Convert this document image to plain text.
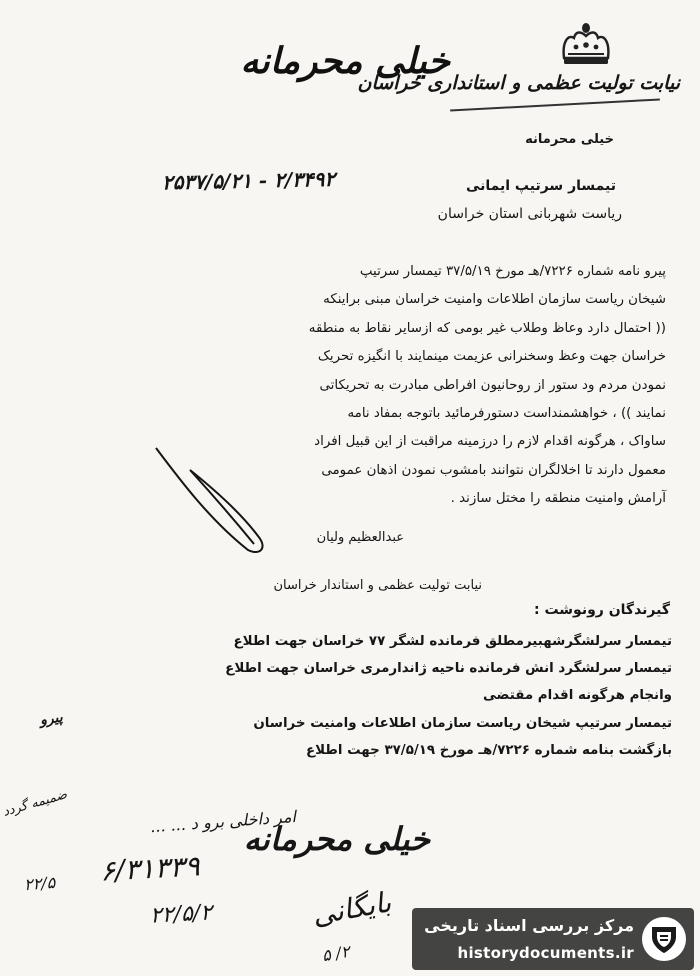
نیابت تولیت عظمی و استانداری خراسان
خیلی محرمانه
خیلی محرمانه
۲۵۳۷/۵/۲۱ - ۲/۳۴۹۲	تیمسار سرتیپ ایمانی
ریاست شهربانی استان خراسان
پیرو نامه شماره ۷۲۲۶/هـ مورخ ۳۷/۵/۱۹ تیمسار سرتیپ
شیخان ریاست سازمان اطلاعات وامنیت خراسان مبنی براینکه
(( احتمال دارد وعاظ وطلاب غیر بومی که ازسایر نقاط به منطقه
خراسان جهت وعظ وسخنرانی عزیمت مینمایند با انگیزه تحریک
نمودن مردم ود ستور از روحانیون افراطی مبادرت به تحریکاتی
نمایند )) ، خواهشمنداست دستورفرمائید باتوجه بمفاد نامه
ساواک ، هرگونه اقدام لازم را درزمینه مراقبت از این قبیل افراد
معمول دارند تا اخلالگران نتوانند بامشوب نمودن اذهان عمومی
آرامش وامنیت منطقه را مختل سازند .
عبدالعظیم ولیان
نیابت تولیت عظمی و استاندار خراسان
گیرندگان رونوشت :
تیمسار سرلشگرشهبیرمطلق فرمانده لشگر ۷۷ خراسان جهت اطلاع
تیمسار سرلشگرد انش فرمانده ناحیه ژاندارمری خراسان جهت اطلاع
وانجام هرگونه اقدام مقتضی
تیمسار سرتیپ شیخان ریاست سازمان اطلاعات وامنیت خراسان
بازگشت بنامه شماره ۷۲۲۶/هـ مورخ ۳۷/۵/۱۹ جهت اطلاع
پیرو
ضمیمه گردد
امر داخلی برو د ... ...
۶/۳۱۳۳۹
۲۲/۵
۲۲/۵/۲	بایگانی
۲/ ۵
خیلی محرمانه
مرکز بررسی اسناد تاریخی
historydocuments.ir
